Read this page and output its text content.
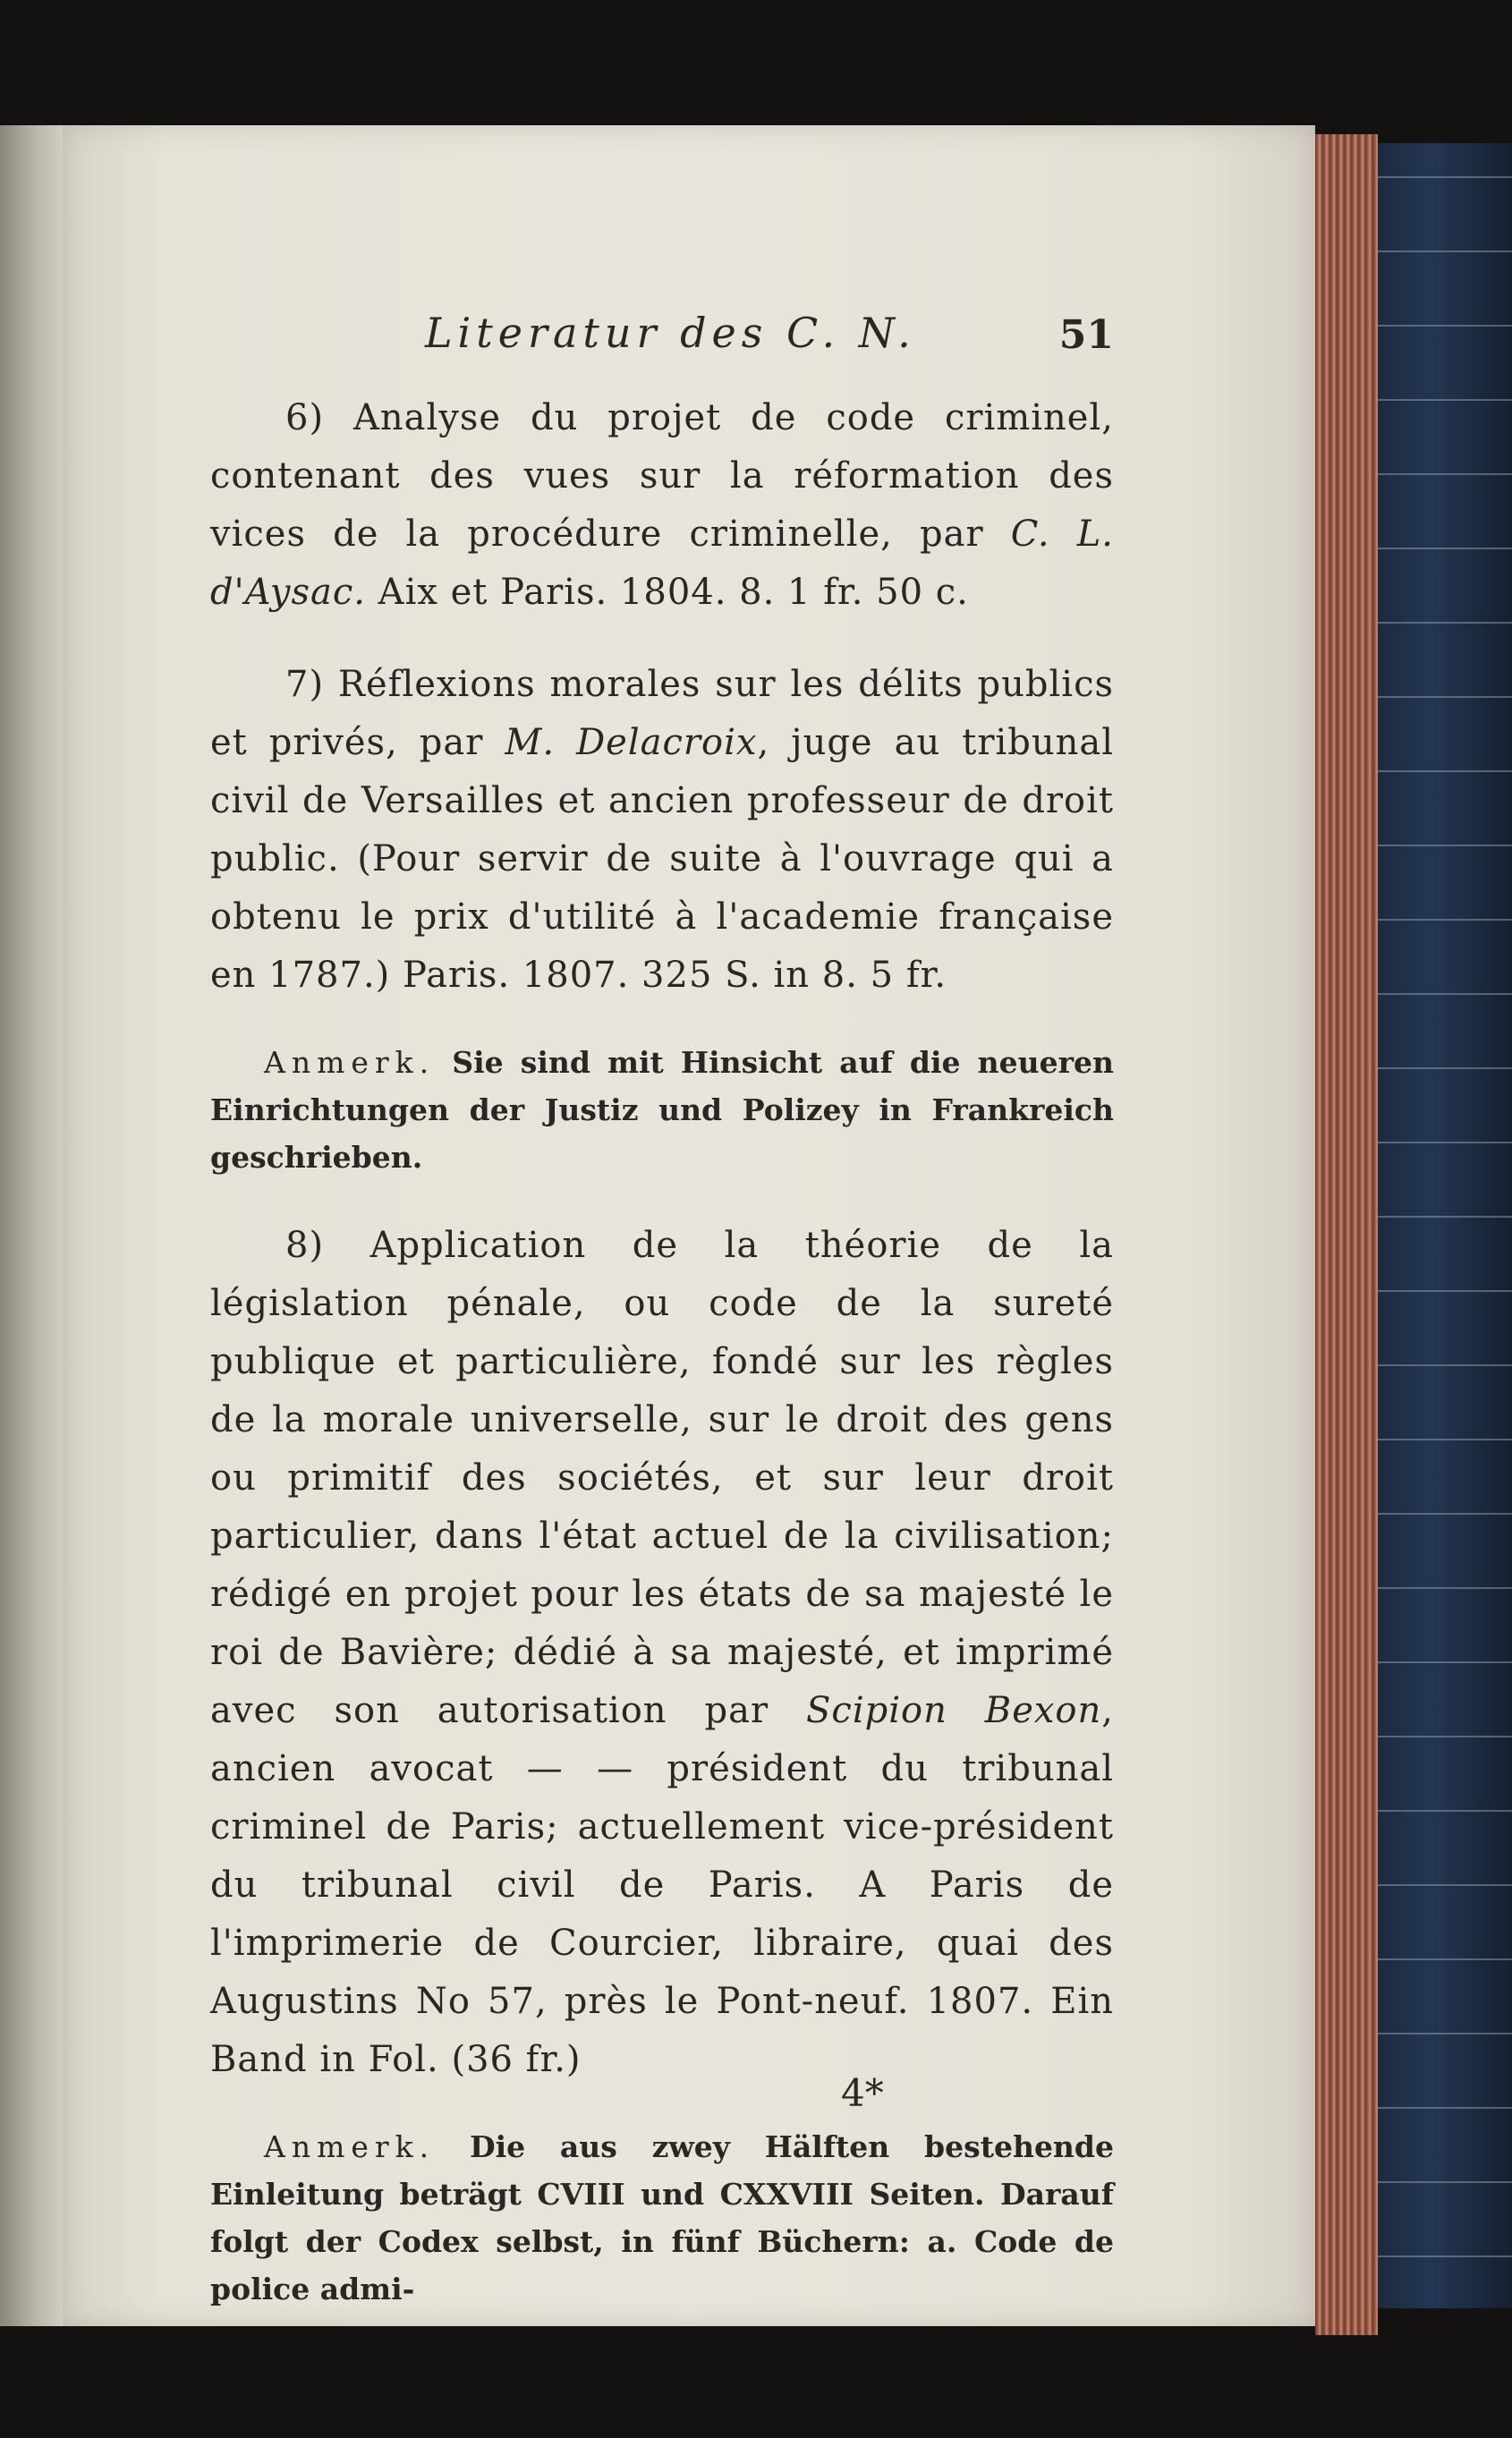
Literatur des C. N.	51

6) Analyse du projet de code criminel, contenant des vues sur la réformation des vices de la procédure criminelle, par C. L. d'Aysac. Aix et Paris. 1804. 8. 1 fr. 50 c.

7) Réflexions morales sur les délits publics et privés, par M. Delacroix, juge au tribunal civil de Versailles et ancien professeur de droit public. (Pour servir de suite à l'ouvrage qui a obtenu le prix d'utilité à l'academie française en 1787.) Paris. 1807. 325 S. in 8. 5 fr.

Anmerk. Sie sind mit Hinsicht auf die neueren Einrichtungen der Justiz und Polizey in Frankreich geschrieben.

8) Application de la théorie de la législation pénale, ou code de la sureté publique et particulière, fondé sur les règles de la morale universelle, sur le droit des gens ou primitif des sociétés, et sur leur droit particulier, dans l'état actuel de la civilisation; rédigé en projet pour les états de sa majesté le roi de Bavière; dédié à sa majesté, et imprimé avec son autorisation par Scipion Bexon, ancien avocat — — président du tribunal criminel de Paris; actuellement vice-président du tribunal civil de Paris. A Paris de l'imprimerie de Courcier, libraire, quai des Augustins No 57, près le Pont-neuf. 1807. Ein Band in Fol. (36 fr.)

Anmerk. Die aus zwey Hälften bestehende Einleitung beträgt CVIII und CXXVIII Seiten. Darauf folgt der Codex selbst, in fünf Büchern: a. Code de police admi-

4*
